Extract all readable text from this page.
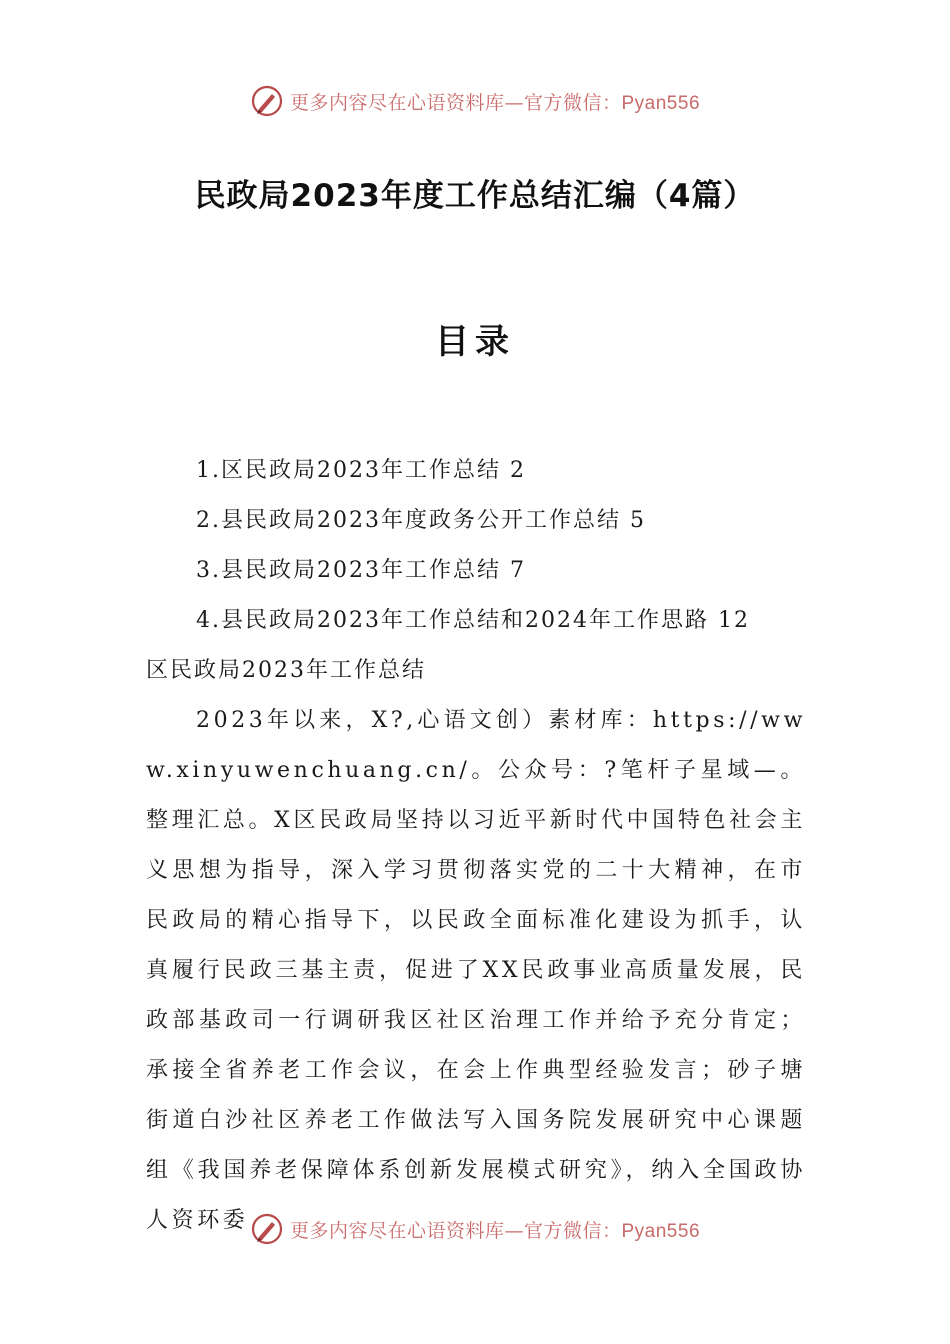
更多内容尽在心语资料库—官方微信：Pyan556
民政局2023年度工作总结汇编（4篇）
目录
1.区民政局2023年工作总结 2
2.县民政局2023年度政务公开工作总结 5
3.县民政局2023年工作总结 7
4.县民政局2023年工作总结和2024年工作思路 12
区民政局2023年工作总结

2023年以来，X?,心语文创）素材库：https://www.xinyuwenchuang.cn/。公众号：?笔杆子星域—。整理汇总。X区民政局坚持以习近平新时代中国特色社会主义思想为指导，深入学习贯彻落实党的二十大精神，在市民政局的精心指导下，以民政全面标准化建设为抓手，认真履行民政三基主责，促进了XX民政事业高质量发展，民政部基政司一行调研我区社区治理工作并给予充分肯定；承接全省养老工作会议，在会上作典型经验发言；砂子塘街道白沙社区养老工作做法写入国务院发展研究中心课题组《我国养老保障体系创新发展模式研究》，纳入全国政协人资环委	更多内容尽在心语资料库—官方微信：Pyan556
